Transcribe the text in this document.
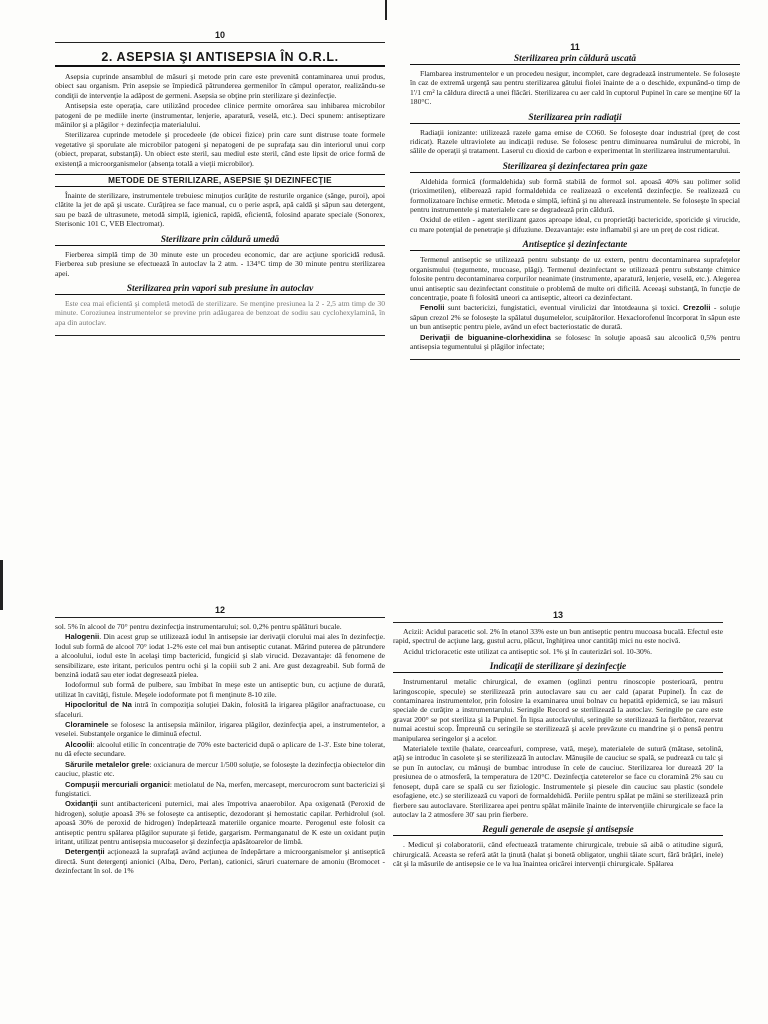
10
2. ASEPSIA ŞI ANTISEPSIA ÎN O.R.L.

Asepsia cuprinde ansamblul de măsuri şi metode prin care este prevenită contaminarea unui produs, obiect sau organism. Prin asepsie se împiedică pătrunderea germenilor în câmpul operator, realizându-se condiţii de intervenţie la adăpost de germeni. Asepsia se obţine prin sterilizare şi dezinfecţie.

Antisepsia este operaţia, care utilizând procedee clinice permite omorârea sau inhibarea microbilor patogeni de pe mediile inerte (instrumentar, lenjerie, aparatură, veselă, etc.). Deci spunem: antiseptizare mâinilor şi a plăgilor + dezinfecţia materialului.

Sterilizarea cuprinde metodele şi procedeele (de obicei fizice) prin care sunt distruse toate formele vegetative şi sporulate ale microbilor patogeni şi nepatogeni de pe suprafaţa sau din interiorul unui corp (obiect, preparat, substanţă). Un obiect este steril, sau mediul este steril, când este lipsit de orice formă de existenţă a microorganismelor (absenţa totală a vieţii microbilor).

METODE DE STERILIZARE, ASEPSIE ŞI DEZINFECŢIE

Înainte de sterilizare, instrumentele trebuiesc minuţios curăţite de resturile organice (sânge, puroi), apoi clătite la jet de apă şi uscate. Curăţirea se face manual, cu o perie aspră, apă caldă şi săpun sau detergent, sau pe bază de ultrasunete, metodă simplă, igienică, rapidă, eficientă, folosind aparate speciale (Sonorex, Sterisonic 101 C, VEB Electromat).

Sterilizare prin căldură umedă

Fierberea simplă timp de 30 minute este un procedeu economic, dar are acţiune sporicidă redusă. Fierberea sub presiune se efectuează în autoclav la 2 atm. - 134°C timp de 30 minute pentru sterilizarea apei.

Sterilizarea prin vapori sub presiune în autoclav

Este cea mai eficientă şi completă metodă de sterilizare. Se menţine presiunea la 2 - 2,5 atm timp de 30 minute. Coroziunea instrumentelor se previne prin adăugarea de benzoat de sodiu sau cyclohexylamină, în apa din autoclav.

11
Sterilizarea prin căldură uscată

Flambarea instrumentelor e un procedeu nesigur, incomplet, care degradează instrumentele. Se foloseşte în caz de extremă urgenţă sau pentru sterilizarea gâtului fiolei înainte de a o deschide, expunând-o timp de 1'/1 cm² la căldura directă a unei flăcări. Sterilizarea cu aer cald în cuptorul Pupinel în care se menţine 60' la 180°C.

Sterilizarea prin radiaţii

Radiaţii ionizante: utilizează razele gama emise de CO60. Se foloseşte doar industrial (preţ de cost ridicat). Razele ultraviolete au indicaţii reduse. Se folosesc pentru diminuarea numărului de microbi, în sălile de operaţii şi tratament. Laserul cu dioxid de carbon e experimentat în sterilizarea instrumentarului.

Sterilizarea şi dezinfectarea prin gaze

Aldehida formică (formaldehida) sub formă stabilă de formol sol. apoasă 40% sau polimer solid (trioximetilen), eliberează rapid formaldehida ce realizează o excelentă dezinfecţie. Se realizează cu formolizatoare închise ermetic. Metoda e simplă, ieftină şi nu alterează instrumentele. Se foloseşte în special pentru instrumentele şi materialele care se degradează prin căldură.

Oxidul de etilen - agent sterilizant gazos aproape ideal, cu proprietăţi bactericide, sporicide şi virucide, cu mare potenţial de penetraţie şi difuziune. Dezavantaje: este inflamabil şi are un preţ de cost ridicat.

Antiseptice şi dezinfectante

Termenul antiseptic se utilizează pentru substanţe de uz extern, pentru decontaminarea suprafeţelor organismului (tegumente, mucoase, plăgi). Termenul dezinfectant se utilizează pentru substanţe chimice folosite pentru decontaminarea corpurilor neanimate (instrumente, aparatură, lenjerie, veselă, etc.). Alegerea unui antiseptic sau dezinfectant constituie o problemă de multe ori dificilă. Aceeaşi substanţă, în funcţie de concentraţie, poate fi folosită uneori ca antiseptic, alteori ca dezinfectant.

Fenolii sunt bactericizi, fungistatici, eventual virulicizi dar întotdeauna şi toxici. Crezolii - soluţie săpun crezol 2% se foloseşte la spălatul duşumelelor, scuipătorilor. Hexaclorofenul încorporat în săpun este un bun antiseptic pentru piele, având un efect bacteriostatic de durată.

Derivaţii de biguanine-clorhexidina se folosesc în soluţie apoasă sau alcoolică 0,5% pentru antisepsia tegumentului şi plăgilor infectate;

12

sol. 5% în alcool de 70° pentru dezinfecţia instrumentarului; sol. 0,2% pentru spălături bucale.

Halogenii. Din acest grup se utilizează iodul în antisepsie iar derivaţii clorului mai ales în dezinfecţie. Iodul sub formă de alcool 70° iodat 1-2% este cel mai bun antiseptic cutanat. Mărind puterea de pătrundere a alcoolului, iodul este în acelaşi timp bactericid, fungicid şi slab virucid. Dezavantaje: dă fenomene de sensibilizare, este iritant, periculos pentru ochi şi la copiii sub 2 ani. Are gust dezagreabil. Sub formă de benzină iodată sau eter iodat degresează pielea.

Iodoformul sub formă de pulbere, sau îmbibat în meşe este un antiseptic bun, cu acţiune de durată, utilizat în cavităţi, fistule. Meşele iodoformate pot fi menţinute 8-10 zile.

Hipocloritul de Na intră în compoziţia soluţiei Dakin, folosită la irigarea plăgilor anafractuoase, cu sfaceluri.

Cloraminele se folosesc la antisepsia mâinilor, irigarea plăgilor, dezinfecţia apei, a instrumentelor, a veselei. Substanţele organice le diminuă efectul.

Alcoolii: alcoolul etilic în concentraţie de 70% este bactericid după o aplicare de 1-3'. Este bine tolerat, nu dă efecte secundare.

Sărurile metalelor grele: oxicianura de mercur 1/500 soluţie, se foloseşte la dezinfecţia obiectelor din cauciuc, plastic etc.

Compuşii mercuriali organici: metiolatul de Na, merfen, mercasept, mercurocrom sunt bactericizi şi fungistatici.

Oxidanţii sunt antibactericeni puternici, mai ales împotriva anaerobilor. Apa oxigenată (Peroxid de hidrogen), soluţie apoasă 3% se foloseşte ca antiseptic, dezodorant şi hemostatic capilar. Perhidrolul (sol. apoasă 30% de peroxid de hidrogen) îndepărtează materiile organice moarte. Perogenul este folosit ca antiseptic pentru spălarea plăgilor supurate şi fetide, gargarism. Permanganatul de K este un oxidant puţin iritant, utilizat pentru antisepsia mucoaselor şi dezinfecţia apăsătoarelor de limbă.

Detergenţii acţionează la suprafaţă având acţiunea de îndepărtare a microorganismelor şi antiseptică directă. Sunt detergenţi anionici (Alba, Dero, Perlan), cationici, săruri cuaternare de amoniu (Bromocet - dezinfectant în sol. de 1%

13

Acizii: Acidul paracetic sol. 2% în etanol 33% este un bun antiseptic pentru mucoasa bucală. Efectul este rapid, spectrul de acţiune larg, gustul acru, plăcut, înghiţirea unor cantităţi mici nu este nocivă.

Acidul tricloracetic este utilizat ca antiseptic sol. 1% şi în cauterizări sol. 10-30%.

Indicaţii de sterilizare şi dezinfecţie

Instrumentarul metalic chirurgical, de examen (oglinzi pentru rinoscopie posterioară, pentru laringoscopie, specule) se sterilizează prin autoclavare sau cu aer cald (aparat Pupinel). În caz de contaminarea instrumentelor, prin folosire la examinarea unui bolnav cu hepatită epidemică, se iau măsuri speciale de curăţire a instrumentarului. Seringile Record se sterilizează la autoclav. Seringile pe care este gravat 200° se pot steriliza şi la Pupinel. În lipsa autoclavului, seringile se sterilizează la fierbător, rezervat numai acestui scop. Împreună cu seringile se sterilizează şi acele prevăzute cu mandrine şi o pensă pentru manipularea seringelor şi a acelor.

Materialele textile (halate, cearceafuri, comprese, vată, meşe), materialele de sutură (mătase, setolină, aţă) se introduc în casolete şi se sterilizează în autoclav. Mănuşile de cauciuc se spală, se pudrează cu talc şi se pun în autoclav, cu mănuşi de bumbac introduse în cele de cauciuc. Sterilizarea lor durează 20' la presiunea de o atmosferă, la temperatura de 120°C. Dezinfecţia cateterelor se face cu cloramină 2% sau cu fenosept, după care se spală cu ser fiziologic. Instrumentele şi piesele din cauciuc sau plastic (sondele esofagiene, etc.) se sterilizează cu vapori de formaldehidă. Periile pentru spălat pe mâini se sterilizează prin fierbere sau autoclavare. Sterilizarea apei pentru spălat mâinile înainte de intervenţiile chirurgicale se face la autoclav la 2 atmosfere 30' sau prin fierbere.

Reguli generale de asepsie şi antisepsie

. Medicul şi colaboratorii, când efectuează tratamente chirurgicale, trebuie să aibă o atitudine sigură, chirurgicală. Aceasta se referă atât la ţinută (halat şi bonetă obligator, unghii tăiate scurt, fără brăţări, inele) cât şi la măsurile de antisepsie ce le va lua înaintea oricărei intervenţii chirurgicale. Spălarea
